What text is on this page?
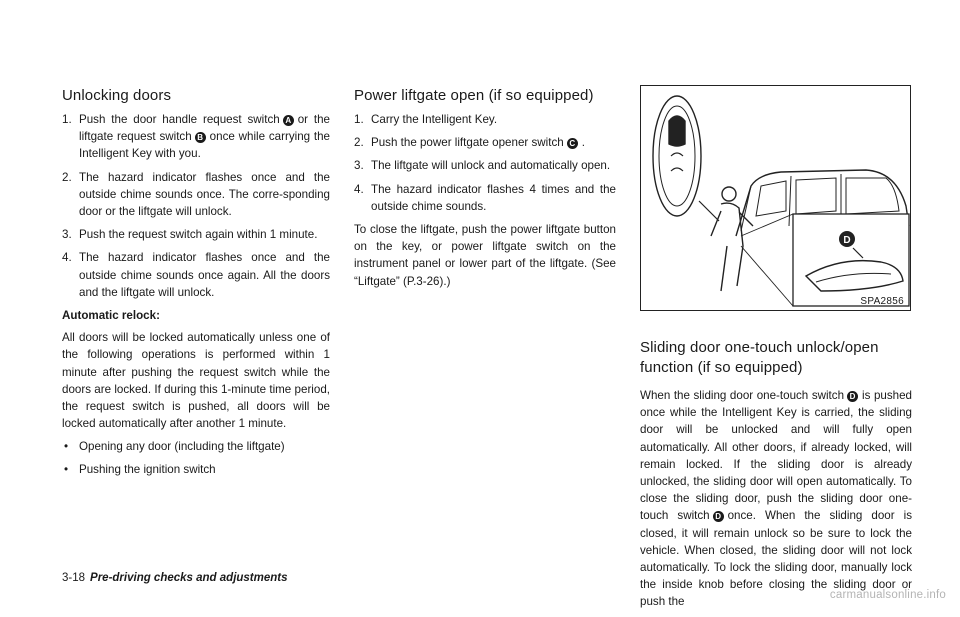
Unlocking doors
1. Push the door handle request switch A or the liftgate request switch B once while carrying the Intelligent Key with you.
2. The hazard indicator flashes once and the outside chime sounds once. The corre-sponding door or the liftgate will unlock.
3. Push the request switch again within 1 minute.
4. The hazard indicator flashes once and the outside chime sounds once again. All the doors and the liftgate will unlock.
Automatic relock:

All doors will be locked automatically unless one of the following operations is performed within 1 minute after pushing the request switch while the doors are locked. If during this 1-minute time period, the request switch is pushed, all doors will be locked automatically after another 1 minute.

• Opening any door (including the liftgate)
• Pushing the ignition switch
Power liftgate open (if so equipped)
1. Carry the Intelligent Key.
2. Push the power liftgate opener switch C .
3. The liftgate will unlock and automatically open.
4. The hazard indicator flashes 4 times and the outside chime sounds.

To close the liftgate, push the power liftgate button on the key, or power liftgate switch on the instrument panel or lower part of the liftgate. (See “Liftgate” (P.3-26).)

D
SPA2856
Sliding door one-touch unlock/open function (if so equipped)

When the sliding door one-touch switch D is pushed once while the Intelligent Key is carried, the sliding door will be unlocked and will fully open automatically. All other doors, if already locked, will remain locked. If the sliding door is already unlocked, the sliding door will open automatically. To close the sliding door, push the sliding door one-touch switch D once. When the sliding door is closed, it will remain unlock so be sure to lock the vehicle. When closed, the sliding door will not lock automatically. To lock the sliding door, manually lock the inside knob before closing the sliding door or push the

3-18 Pre-driving checks and adjustments
carmanualsonline.info
